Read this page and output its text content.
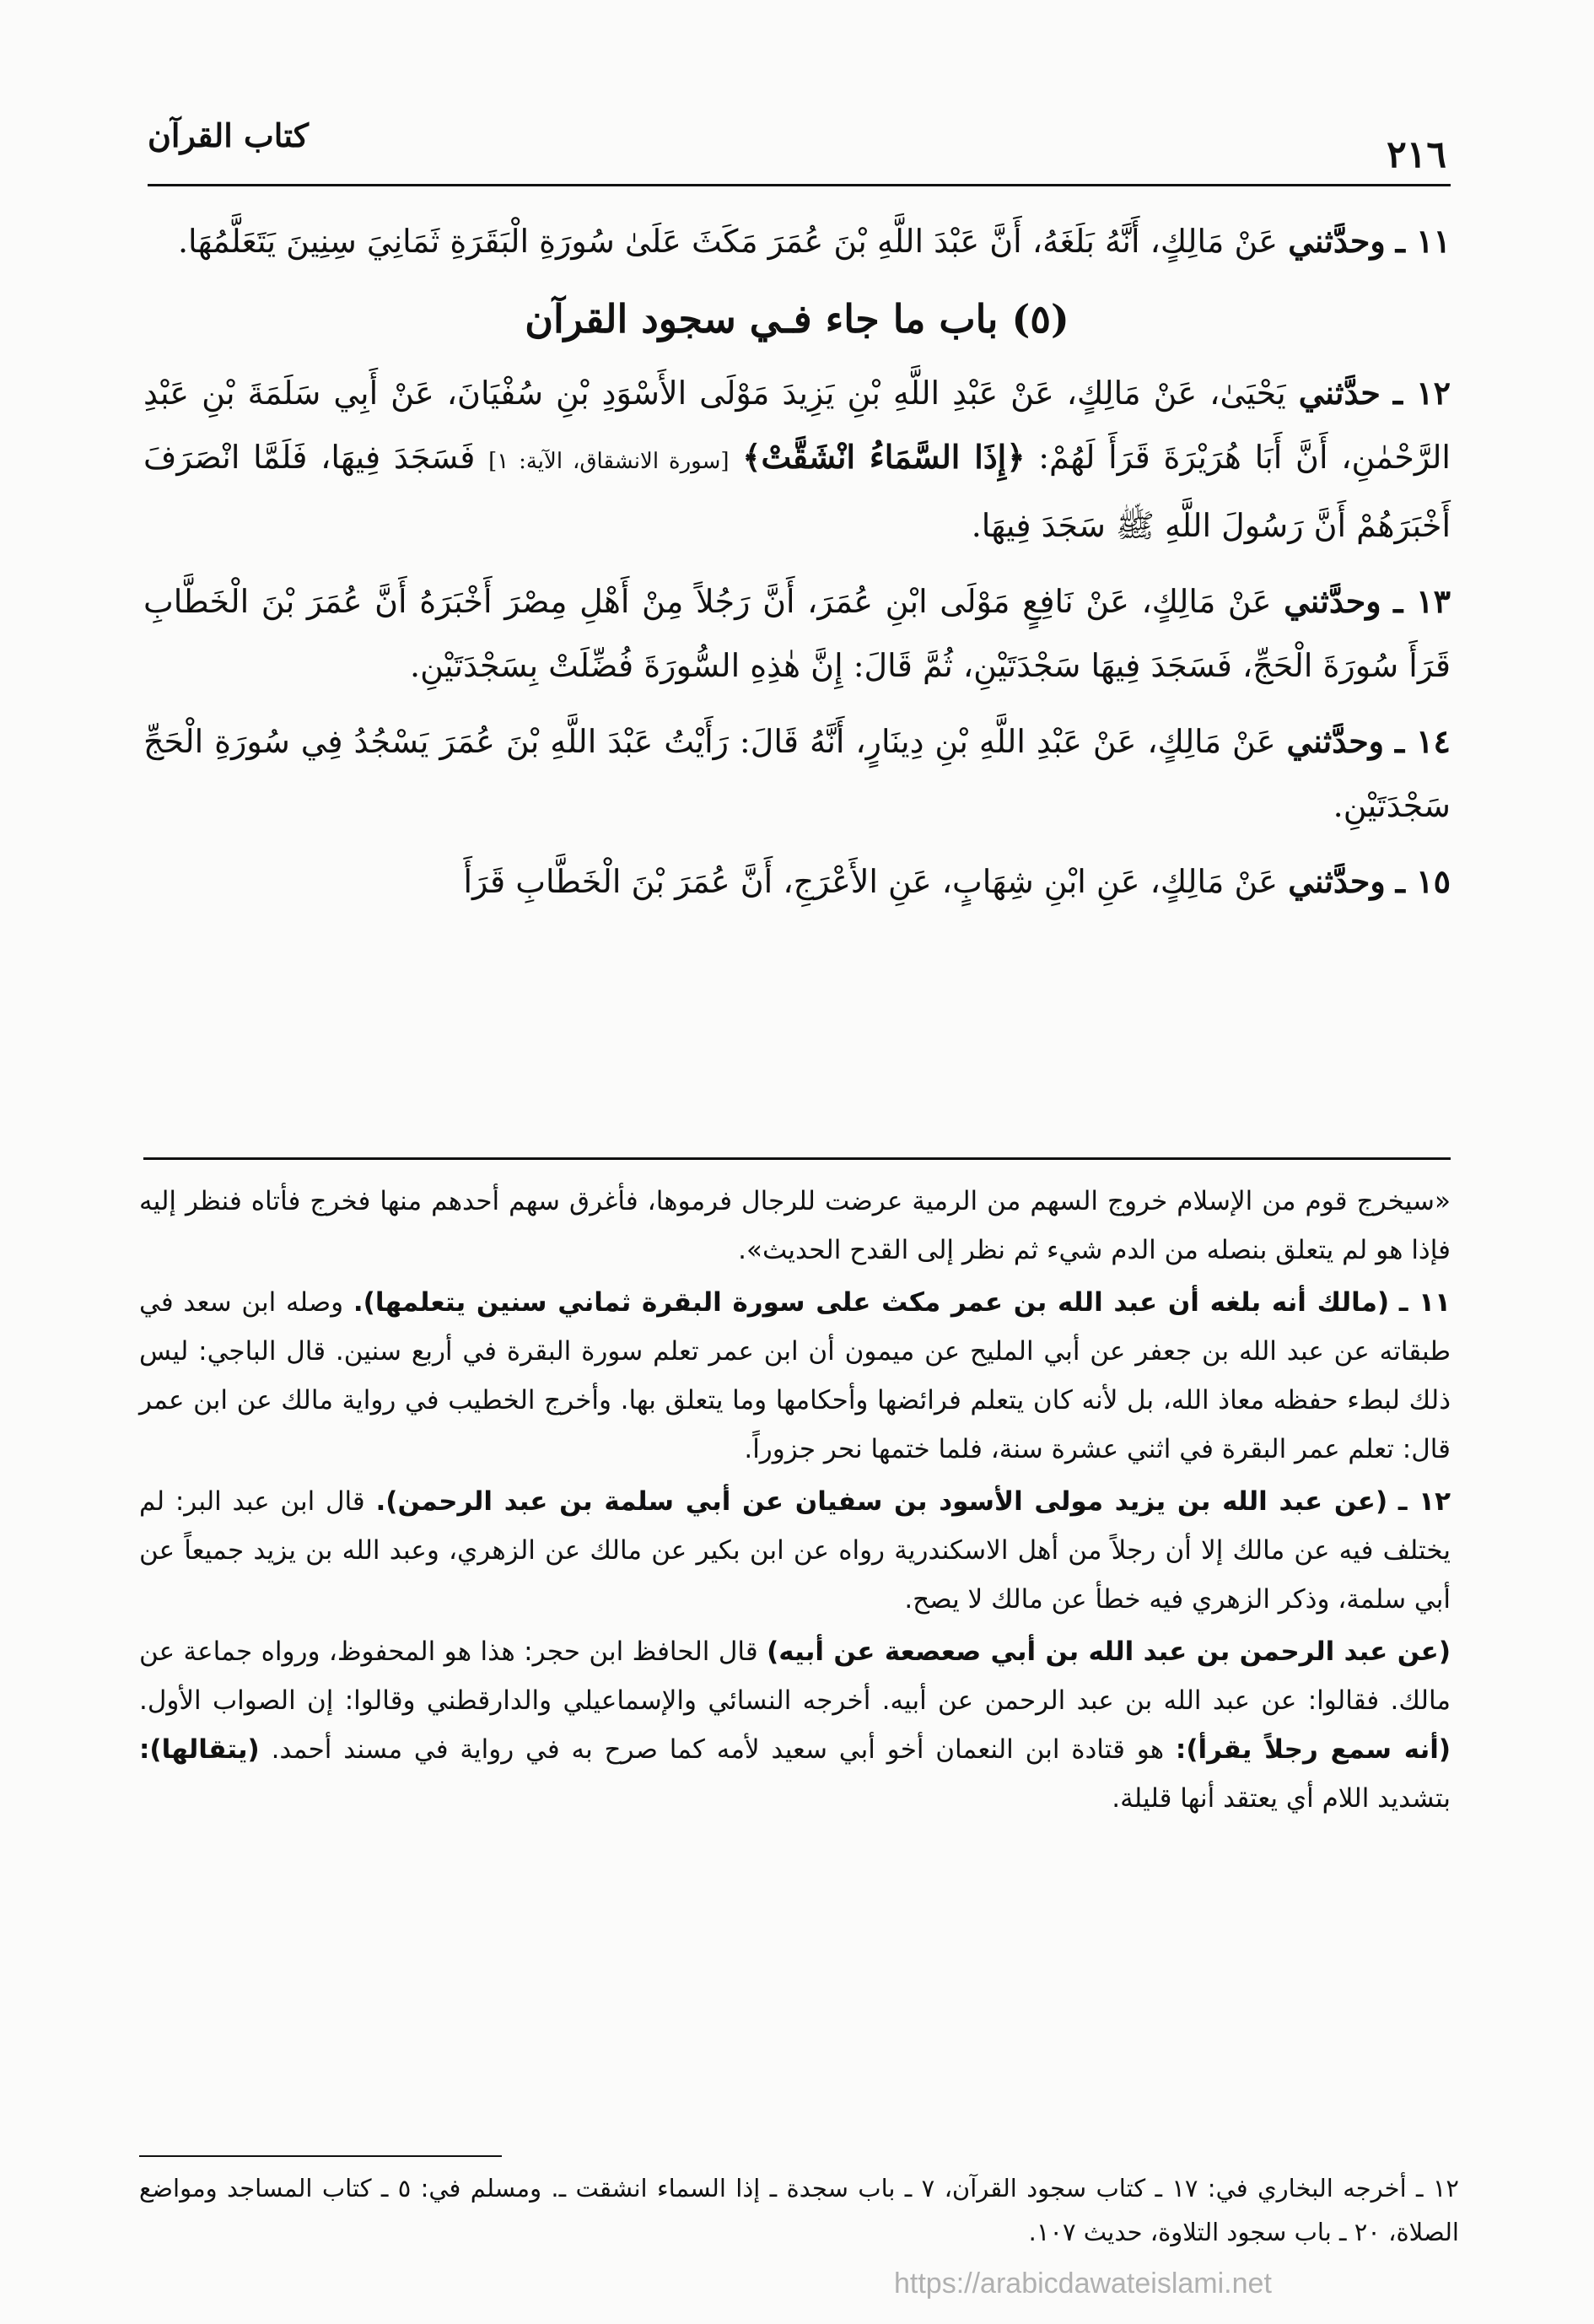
٢١٦
كتاب القرآن

١١ ـ وحدَّثني عَنْ مَالِكٍ، أَنَّهُ بَلَغَهُ، أَنَّ عَبْدَ اللَّهِ بْنَ عُمَرَ مَكَثَ عَلَىٰ سُورَةِ الْبَقَرَةِ ثَمَانِيَ سِنِينَ يَتَعَلَّمُهَا.

(٥) باب ما جاء فـي سجود القرآن

١٢ ـ حدَّثني يَحْيَىٰ، عَنْ مَالِكٍ، عَنْ عَبْدِ اللَّهِ بْنِ يَزِيدَ مَوْلَى الأَسْوَدِ بْنِ سُفْيَانَ، عَنْ أَبِي سَلَمَةَ بْنِ عَبْدِ الرَّحْمٰنِ، أَنَّ أَبَا هُرَيْرَةَ قَرَأَ لَهُمْ: ﴿إِذَا السَّمَاءُ انْشَقَّتْ﴾ [سورة الانشقاق، الآية: ١] فَسَجَدَ فِيهَا، فَلَمَّا انْصَرَفَ أَخْبَرَهُمْ أَنَّ رَسُولَ اللَّهِ ﷺ سَجَدَ فِيهَا.

١٣ ـ وحدَّثني عَنْ مَالِكٍ، عَنْ نَافِعٍ مَوْلَى ابْنِ عُمَرَ، أَنَّ رَجُلاً مِنْ أَهْلِ مِصْرَ أَخْبَرَهُ أَنَّ عُمَرَ بْنَ الْخَطَّابِ قَرَأَ سُورَةَ الْحَجِّ، فَسَجَدَ فِيهَا سَجْدَتَيْنِ، ثُمَّ قَالَ: إِنَّ هٰذِهِ السُّورَةَ فُضِّلَتْ بِسَجْدَتَيْنِ.

١٤ ـ وحدَّثني عَنْ مَالِكٍ، عَنْ عَبْدِ اللَّهِ بْنِ دِينَارٍ، أَنَّهُ قَالَ: رَأَيْتُ عَبْدَ اللَّهِ بْنَ عُمَرَ يَسْجُدُ فِي سُورَةِ الْحَجِّ سَجْدَتَيْنِ.

١٥ ـ وحدَّثني عَنْ مَالِكٍ، عَنِ ابْنِ شِهَابٍ، عَنِ الأَعْرَجِ، أَنَّ عُمَرَ بْنَ الْخَطَّابِ قَرَأَ

«سيخرج قوم من الإسلام خروج السهم من الرمية عرضت للرجال فرموها، فأغرق سهم أحدهم منها فخرج فأتاه فنظر إليه فإذا هو لم يتعلق بنصله من الدم شيء ثم نظر إلى القدح الحديث».

١١ ـ (مالك أنه بلغه أن عبد الله بن عمر مكث على سورة البقرة ثماني سنين يتعلمها). وصله ابن سعد في طبقاته عن عبد الله بن جعفر عن أبي المليح عن ميمون أن ابن عمر تعلم سورة البقرة في أربع سنين. قال الباجي: ليس ذلك لبطء حفظه معاذ الله، بل لأنه كان يتعلم فرائضها وأحكامها وما يتعلق بها. وأخرج الخطيب في رواية مالك عن ابن عمر قال: تعلم عمر البقرة في اثني عشرة سنة، فلما ختمها نحر جزوراً.

١٢ ـ (عن عبد الله بن يزيد مولى الأسود بن سفيان عن أبي سلمة بن عبد الرحمن). قال ابن عبد البر: لم يختلف فيه عن مالك إلا أن رجلاً من أهل الاسكندرية رواه عن ابن بكير عن مالك عن الزهري، وعبد الله بن يزيد جميعاً عن أبي سلمة، وذكر الزهري فيه خطأ عن مالك لا يصح.

(عن عبد الرحمن بن عبد الله بن أبي صعصعة عن أبيه) قال الحافظ ابن حجر: هذا هو المحفوظ، ورواه جماعة عن مالك. فقالوا: عن عبد الله بن عبد الرحمن عن أبيه. أخرجه النسائي والإسماعيلي والدارقطني وقالوا: إن الصواب الأول. (أنه سمع رجلاً يقرأ): هو قتادة ابن النعمان أخو أبي سعيد لأمه كما صرح به في رواية في مسند أحمد. (يتقالها): بتشديد اللام أي يعتقد أنها قليلة.

١٢ ـ أخرجه البخاري في: ١٧ ـ كتاب سجود القرآن، ٧ ـ باب سجدة ـ إذا السماء انشقت ـ. ومسلم في: ٥ ـ كتاب المساجد ومواضع الصلاة، ٢٠ ـ باب سجود التلاوة، حديث ١٠٧.
https://arabicdawateislami.net
